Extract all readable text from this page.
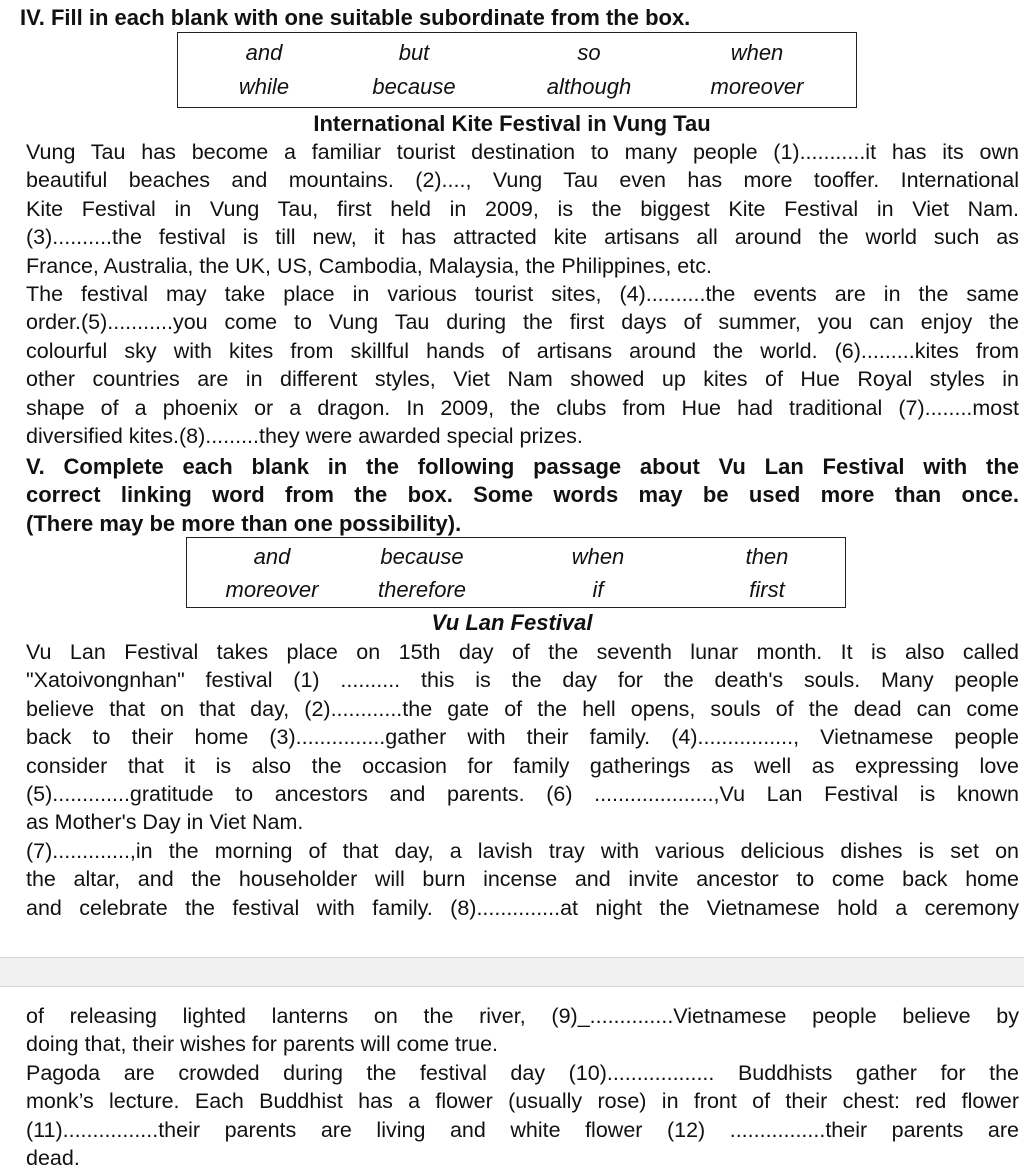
IV. Fill in each blank with one suitable subordinate from the box.
and	but	so	when
while	because	although	moreover
International Kite Festival in Vung Tau
Vung Tau has become a familiar tourist destination to many people (1)...........it has its own
beautiful beaches and mountains. (2)...., Vung Tau even has more tooffer. International
Kite Festival in Vung Tau, first held in 2009, is the biggest Kite Festival in Viet Nam.
(3)..........the festival is till new, it has attracted kite artisans all around the world such as
France, Australia, the UK, US, Cambodia, Malaysia, the Philippines, etc.
The festival may take place in various tourist sites, (4)..........the events are in the same
order.(5)...........you come to Vung Tau during the first days of summer, you can enjoy the
colourful sky with kites from skillful hands of artisans around the world. (6).........kites from
other countries are in different styles, Viet Nam showed up kites of Hue Royal styles in
shape of a phoenix or a dragon. In 2009, the clubs from Hue had traditional (7)........most
diversified kites.(8).........they were awarded special prizes.
V. Complete each blank in the following passage about Vu Lan Festival with the
correct linking word from the box. Some words may be used more than once.
(There may be more than one possibility).
and	because	when	then
moreover	therefore	if	first
Vu Lan Festival
Vu Lan Festival takes place on 15th day of the seventh lunar month. It is also called
"Xatoivongnhan" festival (1) .......... this is the day for the death's souls. Many people
believe that on that day, (2)............the gate of the hell opens, souls of the dead can come
back to their home (3)...............gather with their family. (4)................, Vietnamese people
consider that it is also the occasion for family gatherings as well as expressing love
(5).............gratitude to ancestors and parents. (6) ....................,Vu Lan Festival is known
as Mother's Day in Viet Nam.
(7).............,in the morning of that day, a lavish tray with various delicious dishes is set on
the altar, and the householder will burn incense and invite ancestor to come back home
and celebrate the festival with family. (8)..............at night the Vietnamese hold a ceremony
of releasing lighted lanterns on the river, (9)_..............Vietnamese people believe by
doing that, their wishes for parents will come true.
Pagoda are crowded during the festival day (10).................. Buddhists gather for the
monk’s lecture. Each Buddhist has a flower (usually rose) in front of their chest: red flower
(11)................their parents are living and white flower (12) ................their parents are
dead.
